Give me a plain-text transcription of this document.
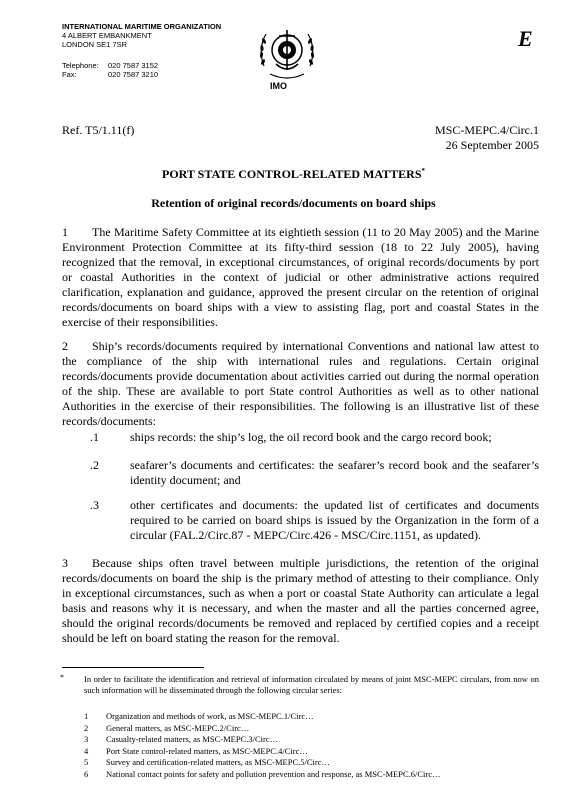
INTERNATIONAL MARITIME ORGANIZATION
4 ALBERT EMBANKMENT
LONDON SE1 7SR
Telephone:	020 7587 3152
Fax:	020 7587 3210
IMO
E
Ref. T5/1.11(f)	MSC-MEPC.4/Circ.1
26 September 2005
PORT STATE CONTROL-RELATED MATTERS*
Retention of original records/documents on board ships

1 The Maritime Safety Committee at its eightieth session (11 to 20 May 2005) and the Marine Environment Protection Committee at its fifty-third session (18 to 22 July 2005), having recognized that the removal, in exceptional circumstances, of original records/documents by port or coastal Authorities in the context of judicial or other administrative actions required clarification, explanation and guidance, approved the present circular on the retention of original records/documents on board ships with a view to assisting flag, port and coastal States in the exercise of their responsibilities.

2 Ship’s records/documents required by international Conventions and national law attest to the compliance of the ship with international rules and regulations. Certain original records/documents provide documentation about activities carried out during the normal operation of the ship. These are available to port State control Authorities as well as to other national Authorities in the exercise of their responsibilities. The following is an illustrative list of these records/documents:

.1	ships records: the ship’s log, the oil record book and the cargo record book;
.2	seafarer’s documents and certificates: the seafarer’s record book and the seafarer’s identity document; and
.3	other certificates and documents: the updated list of certificates and documents required to be carried on board ships is issued by the Organization in the form of a circular (FAL.2/Circ.87 - MEPC/Circ.426 - MSC/Circ.1151, as updated).

3 Because ships often travel between multiple jurisdictions, the retention of the original records/documents on board the ship is the primary method of attesting to their compliance. Only in exceptional circumstances, such as when a port or coastal State Authority can articulate a legal basis and reasons why it is necessary, and when the master and all the parties concerned agree, should the original records/documents be removed and replaced by certified copies and a receipt should be left on board stating the reason for the removal.

*	In order to facilitate the identification and retrieval of information circulated by means of joint MSC-MEPC circulars, from now on such information will be disseminated through the following circular series:
1	Organization and methods of work, as MSC-MEPC.1/Circ…
2	General matters, as MSC-MEPC.2/Circ…
3	Casualty-related matters, as MSC-MEPC.3/Circ…
4	Port State control-related matters, as MSC-MEPC.4/Circ…
5	Survey and certification-related matters, as MSC-MEPC.5/Circ…
6	National contact points for safety and pollution prevention and response, as MSC-MEPC.6/Circ…
